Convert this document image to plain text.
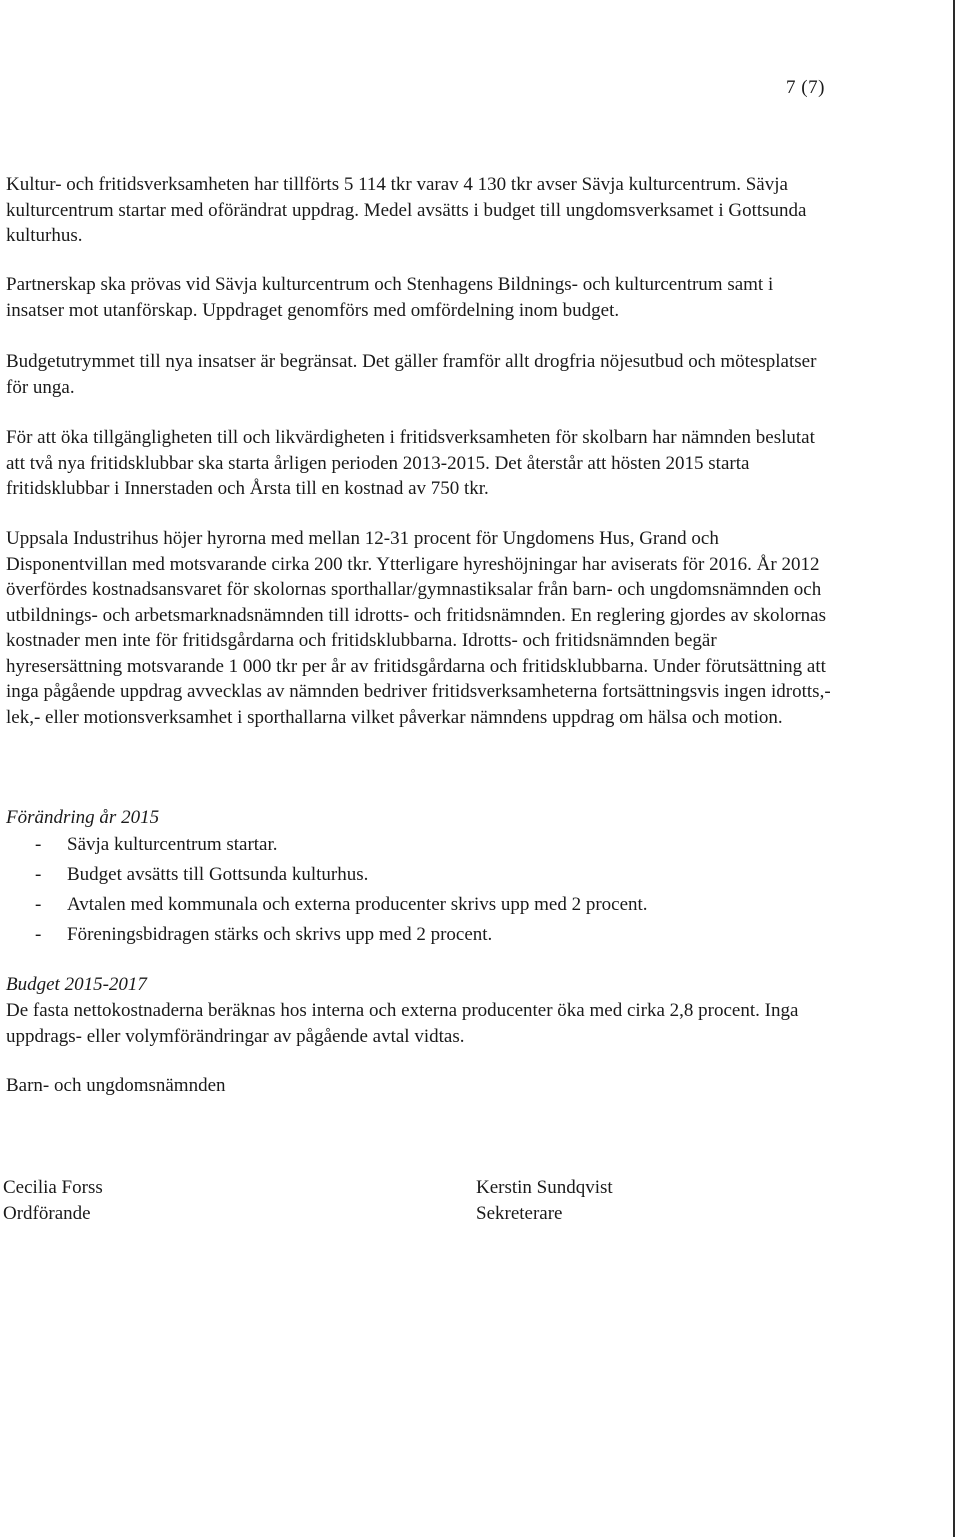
7 (7)

Kultur- och fritidsverksamheten har tillförts 5 114 tkr varav 4 130 tkr avser Sävja kulturcentrum. Sävja kulturcentrum startar med oförändrat uppdrag. Medel avsätts i budget till ungdomsverksamet i Gottsunda kulturhus.

Partnerskap ska prövas vid Sävja kulturcentrum och Stenhagens Bildnings- och kulturcentrum samt i insatser mot utanförskap. Uppdraget genomförs med omfördelning inom budget.

Budgetutrymmet till nya insatser är begränsat. Det gäller framför allt drogfria nöjesutbud och mötesplatser för unga.

För att öka tillgängligheten till och likvärdigheten i fritidsverksamheten för skolbarn har nämnden beslutat att två nya fritidsklubbar ska starta årligen perioden 2013-2015. Det återstår att hösten 2015 starta fritidsklubbar i Innerstaden och Årsta till en kostnad av 750 tkr.

Uppsala Industrihus höjer hyrorna med mellan 12-31 procent för Ungdomens Hus, Grand och Disponentvillan med motsvarande cirka 200 tkr. Ytterligare hyreshöjningar har aviserats för 2016. År 2012 överfördes kostnadsansvaret för skolornas sporthallar/gymnastiksalar från barn- och ungdomsnämnden och utbildnings- och arbetsmarknadsnämnden till idrotts- och fritidsnämnden. En reglering gjordes av skolornas kostnader men inte för fritidsgårdarna och fritidsklubbarna. Idrotts- och fritidsnämnden begär hyresersättning motsvarande 1 000 tkr per år av fritidsgårdarna och fritidsklubbarna. Under förutsättning att inga pågående uppdrag avvecklas av nämnden bedriver fritidsverksamheterna fortsättningsvis ingen idrotts,- lek,- eller motionsverksamhet i sporthallarna vilket påverkar nämndens uppdrag om hälsa och motion.

Förändring år 2015

- Sävja kulturcentrum startar.
- Budget avsätts till Gottsunda kulturhus.
- Avtalen med kommunala och externa producenter skrivs upp med 2 procent.
- Föreningsbidragen stärks och skrivs upp med 2 procent.

Budget 2015-2017

De fasta nettokostnaderna beräknas hos interna och externa producenter öka med cirka 2,8 procent. Inga uppdrags- eller volymförändringar av pågående avtal vidtas.

Barn- och ungdomsnämnden

Cecilia Forss
Ordförande
Kerstin Sundqvist
Sekreterare
